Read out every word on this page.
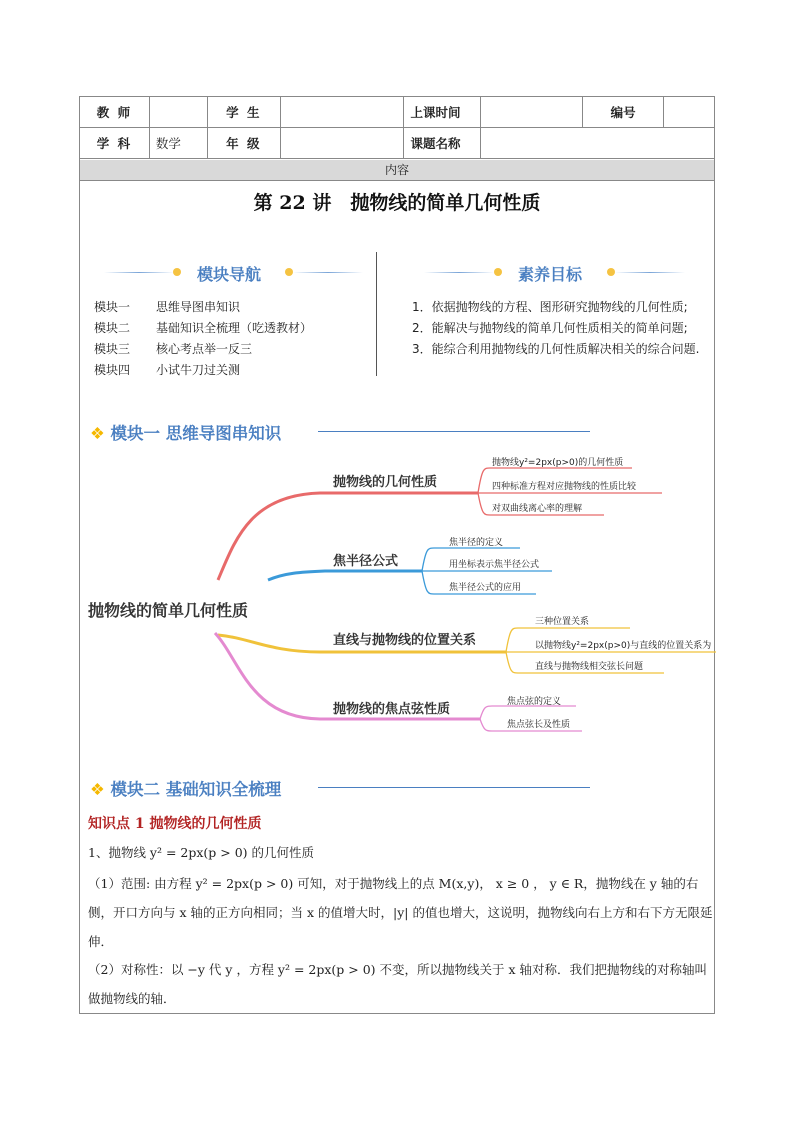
教 师		学 生		上课时间		编号	
学 科	数学	年 级		课题名称			
内容
第 22 讲　抛物线的简单几何性质
模块导航	素养目标
模块一 思维导图串知识
模块二 基础知识全梳理（吃透教材）
模块三 核心考点举一反三
模块四 小试牛刀过关测
1．依据抛物线的方程、图形研究抛物线的几何性质;
2．能解决与抛物线的简单几何性质相关的简单问题;
3．能综合利用抛物线的几何性质解决相关的综合问题.
❖ 模块一 思维导图串知识
抛物线的简单几何性质
抛物线的几何性质
抛物线y²=2px(p>0)的几何性质
四种标准方程对应抛物线的性质比较
对双曲线离心率的理解
焦半径公式
焦半径的定义
用坐标表示焦半径公式
焦半径公式的应用
直线与抛物线的位置关系
三种位置关系
以抛物线y²=2px(p>0)与直线的位置关系为
直线与抛物线相交弦长问题
抛物线的焦点弦性质	焦点弦的定义
焦点弦长及性质
❖ 模块二 基础知识全梳理
知识点 1 抛物线的几何性质
1、抛物线 y² = 2px(p > 0) 的几何性质
（1）范围: 由方程 y² = 2px(p > 0) 可知，对于抛物线上的点 M(x,y)， x ≥ 0 ， y ∈ R，抛物线在 y 轴的右侧，开口方向与 x 轴的正方向相同；当 x 的值增大时，|y| 的值也增大，这说明，抛物线向右上方和右下方无限延伸．
（2）对称性：以 −y 代 y ，方程 y² = 2px(p > 0) 不变，所以抛物线关于 x 轴对称．我们把抛物线的对称轴叫做抛物线的轴．
